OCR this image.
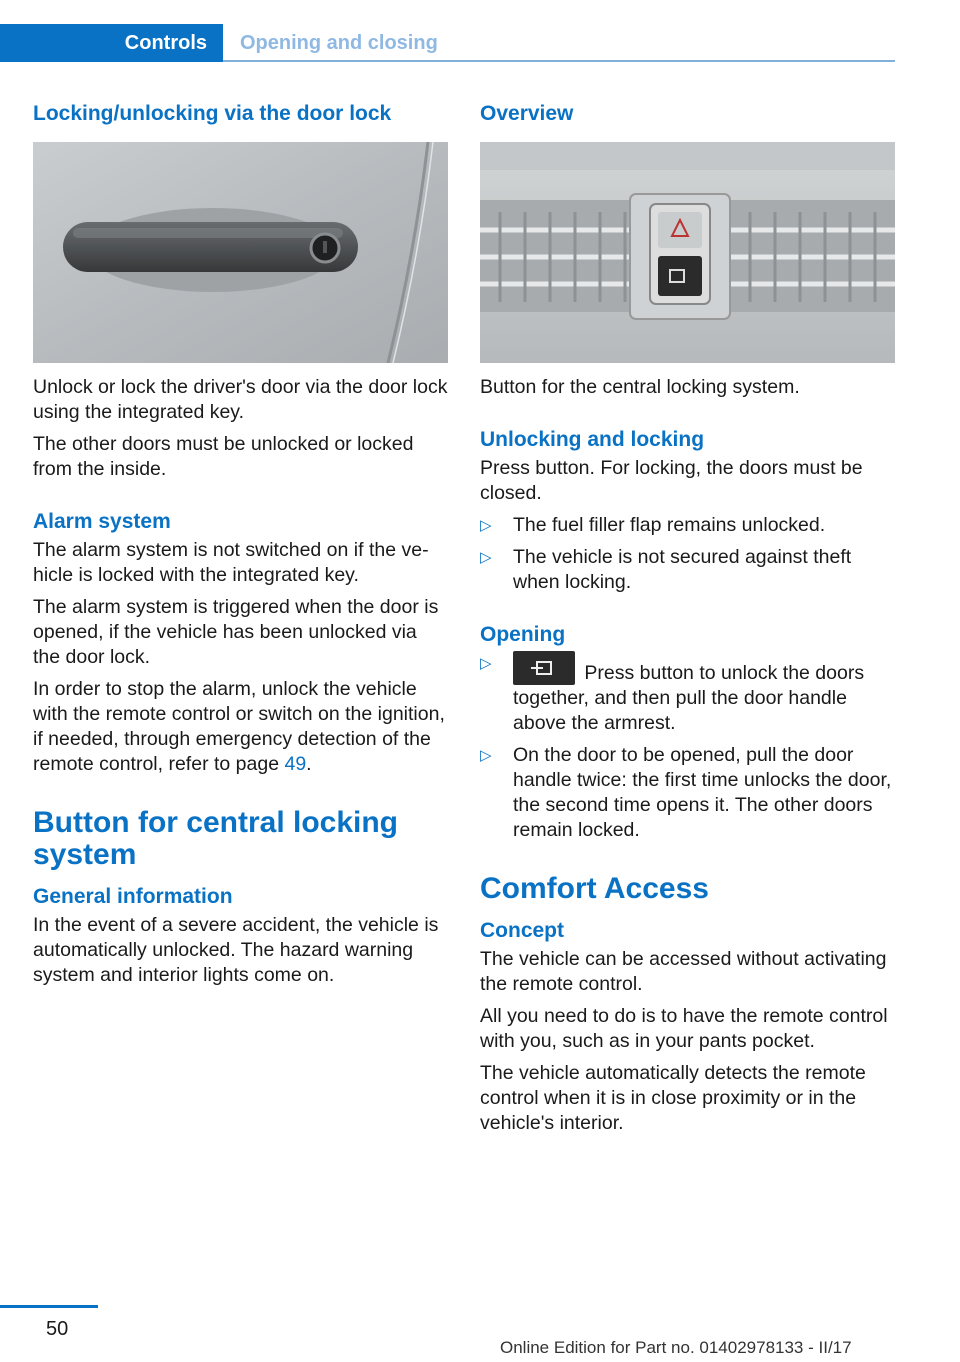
Controls Opening and closing
Locking/unlocking via the door lock

Unlock or lock the driver's door via the door lock using the integrated key.

The other doors must be unlocked or locked from the inside.

Alarm system

The alarm system is not switched on if the vehicle is locked with the integrated key.

The alarm system is triggered when the door is opened, if the vehicle has been unlocked via the door lock.

In order to stop the alarm, unlock the vehicle with the remote control or switch on the ignition, if needed, through emergency detection of the remote control, refer to page 49.

Button for central locking system
General information

In the event of a severe accident, the vehicle is automatically unlocked. The hazard warning system and interior lights come on.

Overview

Button for the central locking system.

Unlocking and locking

Press button. For locking, the doors must be closed.

▷ The fuel filler flap remains unlocked.
▷ The vehicle is not secured against theft when locking.
Opening
▷	Press button to unlock the doors together, and then pull the door handle above the armrest.
▷ On the door to be opened, pull the door handle twice: the first time unlocks the door, the second time opens it. The other doors remain locked.
Comfort Access
Concept

The vehicle can be accessed without activating the remote control.

All you need to do is to have the remote control with you, such as in your pants pocket.

The vehicle automatically detects the remote control when it is in close proximity or in the vehicle's interior.

50
Online Edition for Part no. 01402978133 - II/17
